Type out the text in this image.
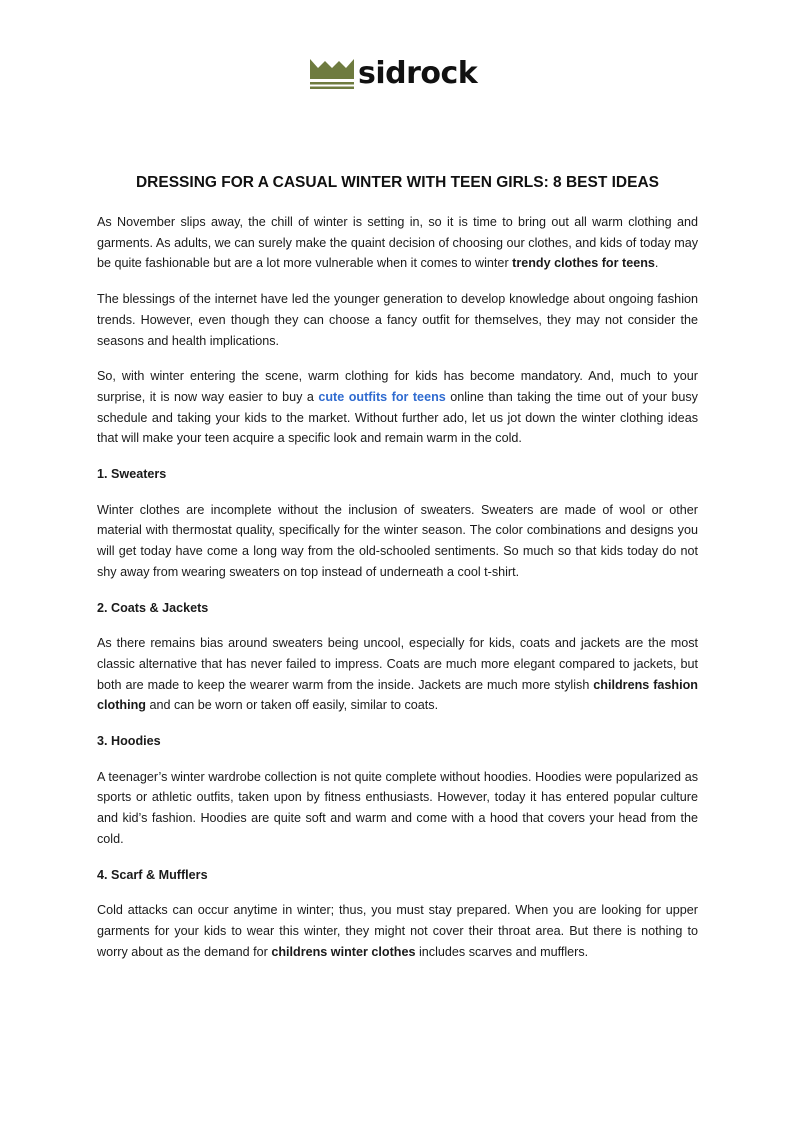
sidrock
DRESSING FOR A CASUAL WINTER WITH TEEN GIRLS: 8 BEST IDEAS

As November slips away, the chill of winter is setting in, so it is time to bring out all warm clothing and garments. As adults, we can surely make the quaint decision of choosing our clothes, and kids of today may be quite fashionable but are a lot more vulnerable when it comes to winter trendy clothes for teens.

The blessings of the internet have led the younger generation to develop knowledge about ongoing fashion trends. However, even though they can choose a fancy outfit for themselves, they may not consider the seasons and health implications.

So, with winter entering the scene, warm clothing for kids has become mandatory. And, much to your surprise, it is now way easier to buy a cute outfits for teens online than taking the time out of your busy schedule and taking your kids to the market. Without further ado, let us jot down the winter clothing ideas that will make your teen acquire a specific look and remain warm in the cold.

1. Sweaters

Winter clothes are incomplete without the inclusion of sweaters. Sweaters are made of wool or other material with thermostat quality, specifically for the winter season. The color combinations and designs you will get today have come a long way from the old-schooled sentiments. So much so that kids today do not shy away from wearing sweaters on top instead of underneath a cool t-shirt.

2. Coats & Jackets

As there remains bias around sweaters being uncool, especially for kids, coats and jackets are the most classic alternative that has never failed to impress. Coats are much more elegant compared to jackets, but both are made to keep the wearer warm from the inside. Jackets are much more stylish childrens fashion clothing and can be worn or taken off easily, similar to coats.

3. Hoodies

A teenager’s winter wardrobe collection is not quite complete without hoodies. Hoodies were popularized as sports or athletic outfits, taken upon by fitness enthusiasts. However, today it has entered popular culture and kid’s fashion. Hoodies are quite soft and warm and come with a hood that covers your head from the cold.

4. Scarf & Mufflers

Cold attacks can occur anytime in winter; thus, you must stay prepared. When you are looking for upper garments for your kids to wear this winter, they might not cover their throat area. But there is nothing to worry about as the demand for childrens winter clothes includes scarves and mufflers.
